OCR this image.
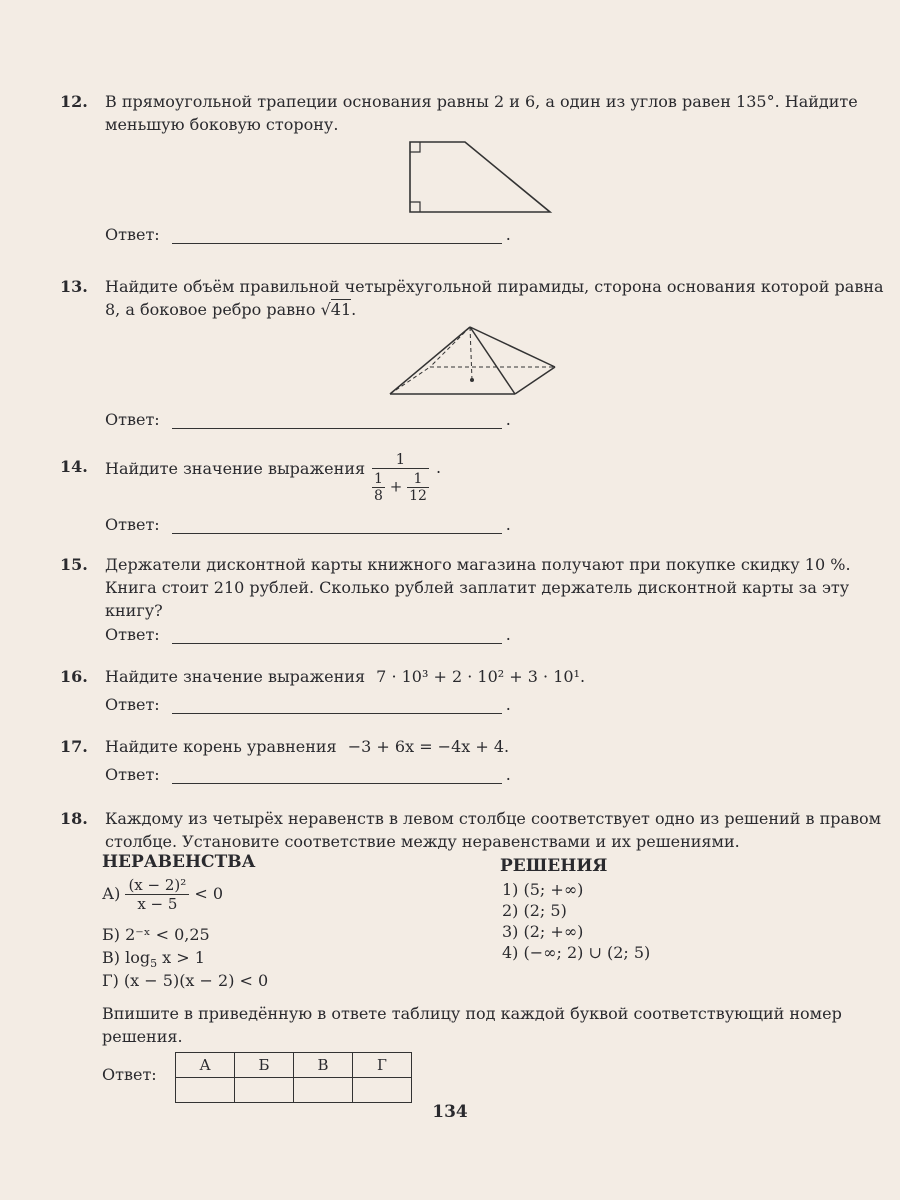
12.	В прямоугольной трапеции основания равны 2 и 6, а один из углов равен 135°. Найдите меньшую боковую сторону.
Ответ:	.
13.	Найдите объём правильной четырёхугольной пирамиды, сторона основания которой равна 8, а боковое ребро равно √41.
Ответ:	.
14.	Найдите значение выражения $\frac{1}{\frac{1}{8} + \frac{1}{12}}$ .
Ответ:	.
15.	Держатели дисконтной карты книжного магазина получают при покупке скидку 10 %. Книга стоит 210 рублей. Сколько рублей заплатит держатель дисконтной карты за эту книгу?
Ответ:	.
16.	Найдите значение выражения 7 · 10³ + 2 · 10² + 3 · 10¹.
Ответ:	.
17.	Найдите корень уравнения −3 + 6x = −4x + 4.
Ответ:	.
18.	Каждому из четырёх неравенств в левом столбце соответствует одно из решений в правом столбце. Установите соответствие между неравенствами и их решениями.
НЕРАВЕНСТВА	РЕШЕНИЯ
$А) \frac{\text{(x − 2)²}}{x - 5} < 0$
Б) 2⁻ˣ < 0,25
В) $\log_5 x > 1$
Г) (x − 5)(x − 2) < 0
1) (5; +∞)
2) (2; 5)
3) (2; +∞)
4) (−∞; 2) ∪ (2; 5)
Впишите в приведённую в ответе таблицу под каждой буквой соответствующий номер решения.
Ответ:	А	Б	В	Г

134
